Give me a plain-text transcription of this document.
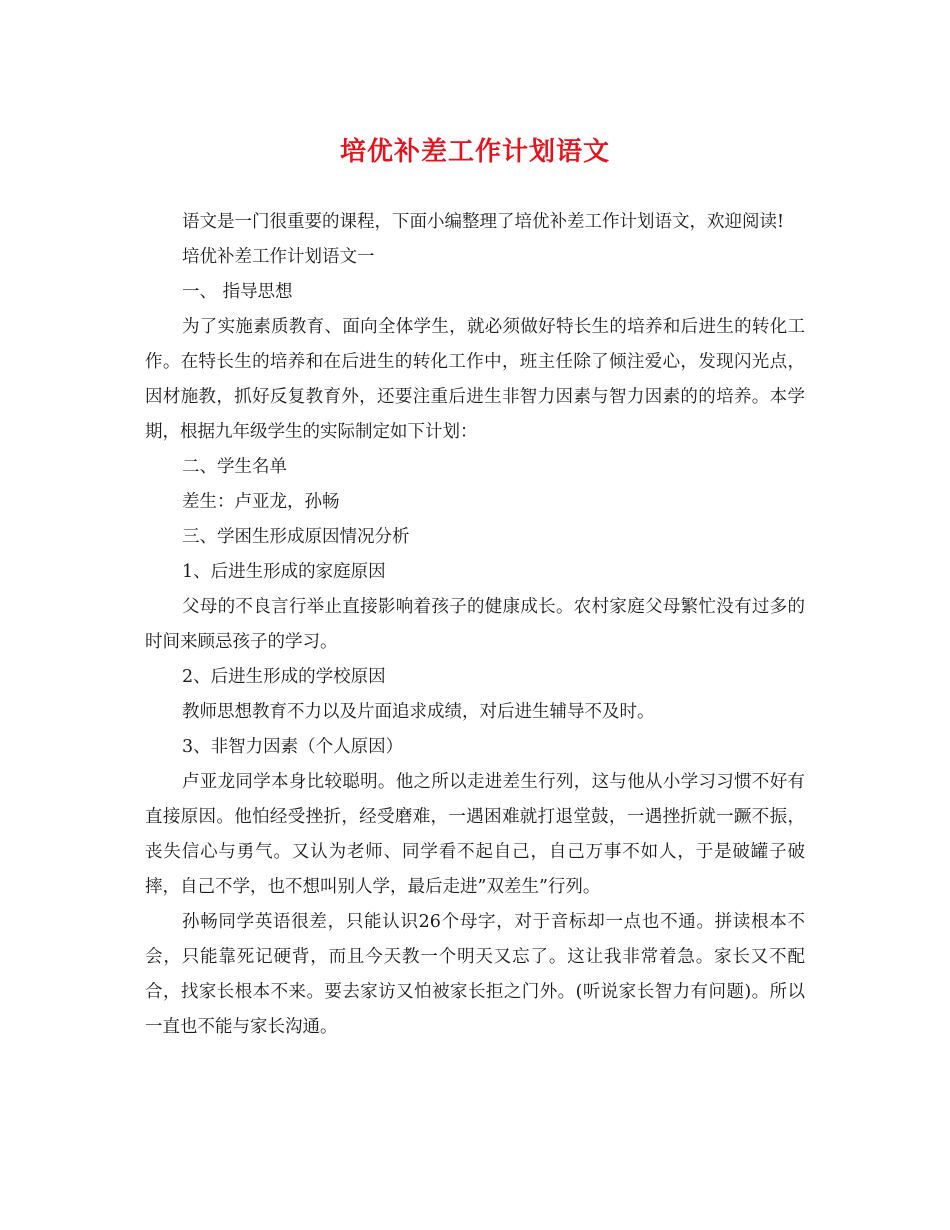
培优补差工作计划语文

语文是一门很重要的课程，下面小编整理了培优补差工作计划语文，欢迎阅读!

培优补差工作计划语文一

一、 指导思想

为了实施素质教育、面向全体学生，就必须做好特长生的培养和后进生的转化工作。在特长生的培养和在后进生的转化工作中，班主任除了倾注爱心，发现闪光点，因材施教，抓好反复教育外，还要注重后进生非智力因素与智力因素的的培养。本学期，根据九年级学生的实际制定如下计划：

二、学生名单

差生：卢亚龙，孙畅

三、学困生形成原因情况分析

1、后进生形成的家庭原因

父母的不良言行举止直接影响着孩子的健康成长。农村家庭父母繁忙没有过多的时间来顾忌孩子的学习。

2、后进生形成的学校原因

教师思想教育不力以及片面追求成绩，对后进生辅导不及时。

3、非智力因素（个人原因）

卢亚龙同学本身比较聪明。他之所以走进差生行列，这与他从小学习习惯不好有直接原因。他怕经受挫折，经受磨难，一遇困难就打退堂鼓，一遇挫折就一蹶不振，丧失信心与勇气。又认为老师、同学看不起自己，自己万事不如人，于是破罐子破摔，自己不学，也不想叫别人学，最后走进”双差生”行列。

孙畅同学英语很差，只能认识26个母字，对于音标却一点也不通。拼读根本不会，只能靠死记硬背，而且今天教一个明天又忘了。这让我非常着急。家长又不配合，找家长根本不来。要去家访又怕被家长拒之门外。(听说家长智力有问题)。所以一直也不能与家长沟通。
